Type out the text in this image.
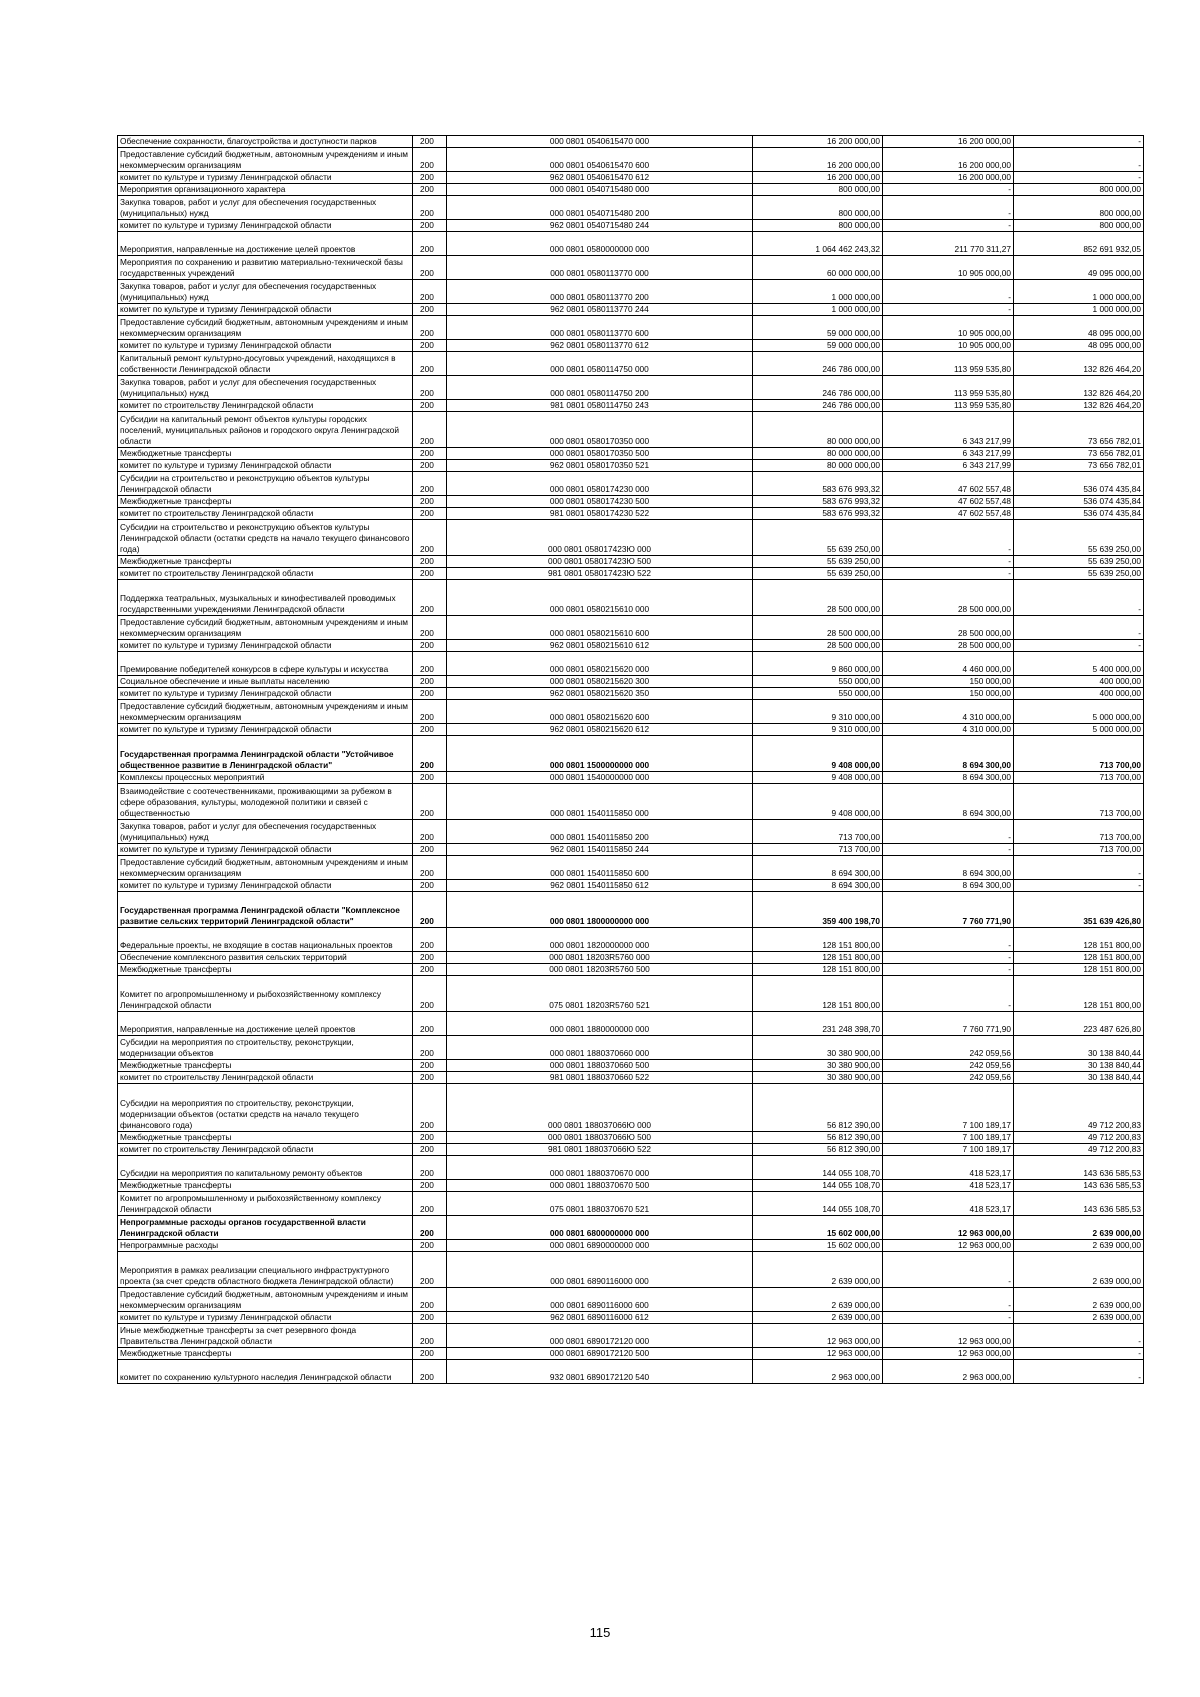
Обеспечение сохранности, благоустройства и доступности парков	200	000 0801 0540615470 000	16 200 000,00	16 200 000,00	-
Предоставление субсидий бюджетным, автономным учреждениям и иным некоммерческим организациям	200	000 0801 0540615470 600	16 200 000,00	16 200 000,00	-
комитет по культуре и туризму Ленинградской области	200	962 0801 0540615470 612	16 200 000,00	16 200 000,00	-
Мероприятия организационного характера	200	000 0801 0540715480 000	800 000,00	-	800 000,00
Закупка товаров, работ и услуг для обеспечения государственных (муниципальных) нужд	200	000 0801 0540715480 200	800 000,00	-	800 000,00
комитет по культуре и туризму Ленинградской области	200	962 0801 0540715480 244	800 000,00	-	800 000,00
Мероприятия, направленные на достижение целей проектов	200	000 0801 0580000000 000	1 064 462 243,32	211 770 311,27	852 691 932,05
Мероприятия по сохранению и развитию материально-технической базы государственных учреждений	200	000 0801 0580113770 000	60 000 000,00	10 905 000,00	49 095 000,00
Закупка товаров, работ и услуг для обеспечения государственных (муниципальных) нужд	200	000 0801 0580113770 200	1 000 000,00	-	1 000 000,00
комитет по культуре и туризму Ленинградской области	200	962 0801 0580113770 244	1 000 000,00	-	1 000 000,00
Предоставление субсидий бюджетным, автономным учреждениям и иным некоммерческим организациям	200	000 0801 0580113770 600	59 000 000,00	10 905 000,00	48 095 000,00
комитет по культуре и туризму Ленинградской области	200	962 0801 0580113770 612	59 000 000,00	10 905 000,00	48 095 000,00
Капитальный ремонт культурно-досуговых учреждений, находящихся в собственности Ленинградской области	200	000 0801 0580114750 000	246 786 000,00	113 959 535,80	132 826 464,20
Закупка товаров, работ и услуг для обеспечения государственных (муниципальных) нужд	200	000 0801 0580114750 200	246 786 000,00	113 959 535,80	132 826 464,20
комитет по строительству Ленинградской области	200	981 0801 0580114750 243	246 786 000,00	113 959 535,80	132 826 464,20
Субсидии на капитальный ремонт объектов культуры городских поселений, муниципальных районов и городского округа Ленинградской области	200	000 0801 0580170350 000	80 000 000,00	6 343 217,99	73 656 782,01
Межбюджетные трансферты	200	000 0801 0580170350 500	80 000 000,00	6 343 217,99	73 656 782,01
комитет по культуре и туризму Ленинградской области	200	962 0801 0580170350 521	80 000 000,00	6 343 217,99	73 656 782,01
Субсидии на строительство и реконструкцию объектов культуры Ленинградской области	200	000 0801 0580174230 000	583 676 993,32	47 602 557,48	536 074 435,84
Межбюджетные трансферты	200	000 0801 0580174230 500	583 676 993,32	47 602 557,48	536 074 435,84
комитет по строительству Ленинградской области	200	981 0801 0580174230 522	583 676 993,32	47 602 557,48	536 074 435,84
Субсидии на строительство и реконструкцию объектов культуры Ленинградской области (остатки средств на начало текущего финансового года)	200	000 0801 058017423Ю 000	55 639 250,00	-	55 639 250,00
Межбюджетные трансферты	200	000 0801 058017423Ю 500	55 639 250,00	-	55 639 250,00
комитет по строительству Ленинградской области	200	981 0801 058017423Ю 522	55 639 250,00	-	55 639 250,00
Поддержка театральных, музыкальных и кинофестивалей проводимых государственными учреждениями Ленинградской области	200	000 0801 0580215610 000	28 500 000,00	28 500 000,00	-
Предоставление субсидий бюджетным, автономным учреждениям и иным некоммерческим организациям	200	000 0801 0580215610 600	28 500 000,00	28 500 000,00	-
комитет по культуре и туризму Ленинградской области	200	962 0801 0580215610 612	28 500 000,00	28 500 000,00	-
Премирование победителей конкурсов в сфере культуры и искусства	200	000 0801 0580215620 000	9 860 000,00	4 460 000,00	5 400 000,00
Социальное обеспечение и иные выплаты населению	200	000 0801 0580215620 300	550 000,00	150 000,00	400 000,00
комитет по культуре и туризму Ленинградской области	200	962 0801 0580215620 350	550 000,00	150 000,00	400 000,00
Предоставление субсидий бюджетным, автономным учреждениям и иным некоммерческим организациям	200	000 0801 0580215620 600	9 310 000,00	4 310 000,00	5 000 000,00
комитет по культуре и туризму Ленинградской области	200	962 0801 0580215620 612	9 310 000,00	4 310 000,00	5 000 000,00
Государственная программа Ленинградской области "Устойчивое общественное развитие в Ленинградской области"	200	000 0801 1500000000 000	9 408 000,00	8 694 300,00	713 700,00
Комплексы процессных мероприятий	200	000 0801 1540000000 000	9 408 000,00	8 694 300,00	713 700,00
Взаимодействие с соотечественниками, проживающими за рубежом в сфере образования, культуры, молодежной политики и связей с общественностью	200	000 0801 1540115850 000	9 408 000,00	8 694 300,00	713 700,00
Закупка товаров, работ и услуг для обеспечения государственных (муниципальных) нужд	200	000 0801 1540115850 200	713 700,00	-	713 700,00
комитет по культуре и туризму Ленинградской области	200	962 0801 1540115850 244	713 700,00	-	713 700,00
Предоставление субсидий бюджетным, автономным учреждениям и иным некоммерческим организациям	200	000 0801 1540115850 600	8 694 300,00	8 694 300,00	-
комитет по культуре и туризму Ленинградской области	200	962 0801 1540115850 612	8 694 300,00	8 694 300,00	-
Государственная программа Ленинградской области "Комплексное развитие сельских территорий Ленинградской области"	200	000 0801 1800000000 000	359 400 198,70	7 760 771,90	351 639 426,80
Федеральные проекты, не входящие в состав национальных проектов	200	000 0801 1820000000 000	128 151 800,00	-	128 151 800,00
Обеспечение комплексного развития сельских территорий	200	000 0801 18203R5760 000	128 151 800,00	-	128 151 800,00
Межбюджетные трансферты	200	000 0801 18203R5760 500	128 151 800,00	-	128 151 800,00
Комитет по агропромышленному и рыбохозяйственному комплексу Ленинградской области	200	075 0801 18203R5760 521	128 151 800,00	-	128 151 800,00
Мероприятия, направленные на достижение целей проектов	200	000 0801 1880000000 000	231 248 398,70	7 760 771,90	223 487 626,80
Субсидии на мероприятия по строительству, реконструкции, модернизации объектов	200	000 0801 1880370660 000	30 380 900,00	242 059,56	30 138 840,44
Межбюджетные трансферты	200	000 0801 1880370660 500	30 380 900,00	242 059,56	30 138 840,44
комитет по строительству Ленинградской области	200	981 0801 1880370660 522	30 380 900,00	242 059,56	30 138 840,44
Субсидии на мероприятия по строительству, реконструкции, модернизации объектов (остатки средств на начало текущего финансового года)	200	000 0801 188037066Ю 000	56 812 390,00	7 100 189,17	49 712 200,83
Межбюджетные трансферты	200	000 0801 188037066Ю 500	56 812 390,00	7 100 189,17	49 712 200,83
комитет по строительству Ленинградской области	200	981 0801 188037066Ю 522	56 812 390,00	7 100 189,17	49 712 200,83
Субсидии на мероприятия по капитальному ремонту объектов	200	000 0801 1880370670 000	144 055 108,70	418 523,17	143 636 585,53
Межбюджетные трансферты	200	000 0801 1880370670 500	144 055 108,70	418 523,17	143 636 585,53
Комитет по агропромышленному и рыбохозяйственному комплексу Ленинградской области	200	075 0801 1880370670 521	144 055 108,70	418 523,17	143 636 585,53
Непрограммные расходы органов государственной власти Ленинградской области	200	000 0801 6800000000 000	15 602 000,00	12 963 000,00	2 639 000,00
Непрограммные расходы	200	000 0801 6890000000 000	15 602 000,00	12 963 000,00	2 639 000,00
Мероприятия в рамках реализации специального инфраструктурного проекта (за счет средств областного бюджета Ленинградской области)	200	000 0801 6890116000 000	2 639 000,00	-	2 639 000,00
Предоставление субсидий бюджетным, автономным учреждениям и иным некоммерческим организациям	200	000 0801 6890116000 600	2 639 000,00	-	2 639 000,00
комитет по культуре и туризму Ленинградской области	200	962 0801 6890116000 612	2 639 000,00	-	2 639 000,00
Иные межбюджетные трансферты за счет резервного фонда Правительства Ленинградской области	200	000 0801 6890172120 000	12 963 000,00	12 963 000,00	-
Межбюджетные трансферты	200	000 0801 6890172120 500	12 963 000,00	12 963 000,00	-
комитет по сохранению культурного наследия Ленинградской области	200	932 0801 6890172120 540	2 963 000,00	2 963 000,00	-
115
